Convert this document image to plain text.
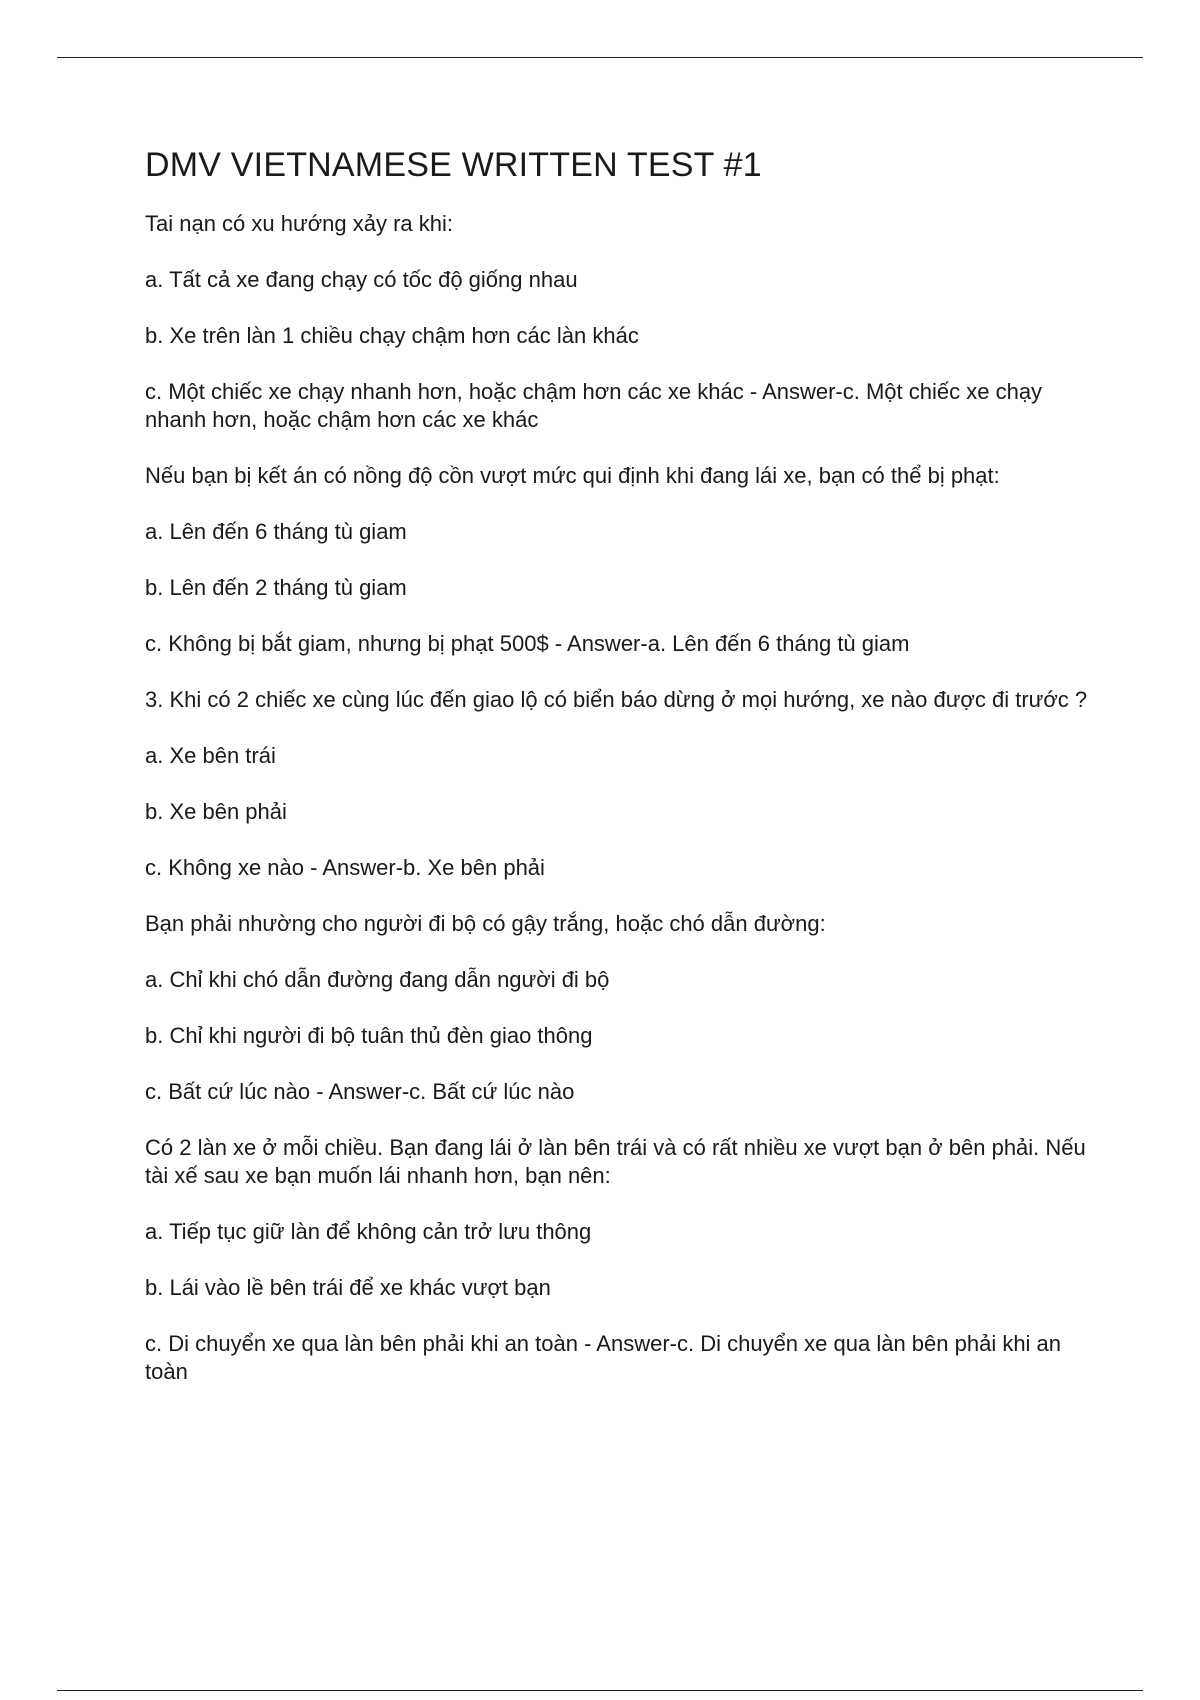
DMV VIETNAMESE WRITTEN TEST #1

Tai nạn có xu hướng xảy ra khi:

a. Tất cả xe đang chạy có tốc độ giống nhau

b. Xe trên làn 1 chiều chạy chậm hơn các làn khác

c. Một chiếc xe chạy nhanh hơn, hoặc chậm hơn các xe khác - Answer-c. Một chiếc xe chạy nhanh hơn, hoặc chậm hơn các xe khác

Nếu bạn bị kết án có nồng độ cồn vượt mức qui định khi đang lái xe, bạn có thể bị phạt:

a. Lên đến 6 tháng tù giam

b. Lên đến 2 tháng tù giam

c. Không bị bắt giam, nhưng bị phạt 500$ - Answer-a. Lên đến 6 tháng tù giam

3. Khi có 2 chiếc xe cùng lúc đến giao lộ có biển báo dừng ở mọi hướng, xe nào được đi trước ?

a. Xe bên trái

b. Xe bên phải

c. Không xe nào - Answer-b. Xe bên phải

Bạn phải nhường cho người đi bộ có gậy trắng, hoặc chó dẫn đường:

a. Chỉ khi chó dẫn đường đang dẫn người đi bộ

b. Chỉ khi người đi bộ tuân thủ đèn giao thông

c. Bất cứ lúc nào - Answer-c. Bất cứ lúc nào

Có 2 làn xe ở mỗi chiều. Bạn đang lái ở làn bên trái và có rất nhiều xe vượt bạn ở bên phải. Nếu tài xế sau xe bạn muốn lái nhanh hơn, bạn nên:

a. Tiếp tục giữ làn để không cản trở lưu thông

b. Lái vào lề bên trái để xe khác vượt bạn

c. Di chuyển xe qua làn bên phải khi an toàn - Answer-c. Di chuyển xe qua làn bên phải khi an toàn
